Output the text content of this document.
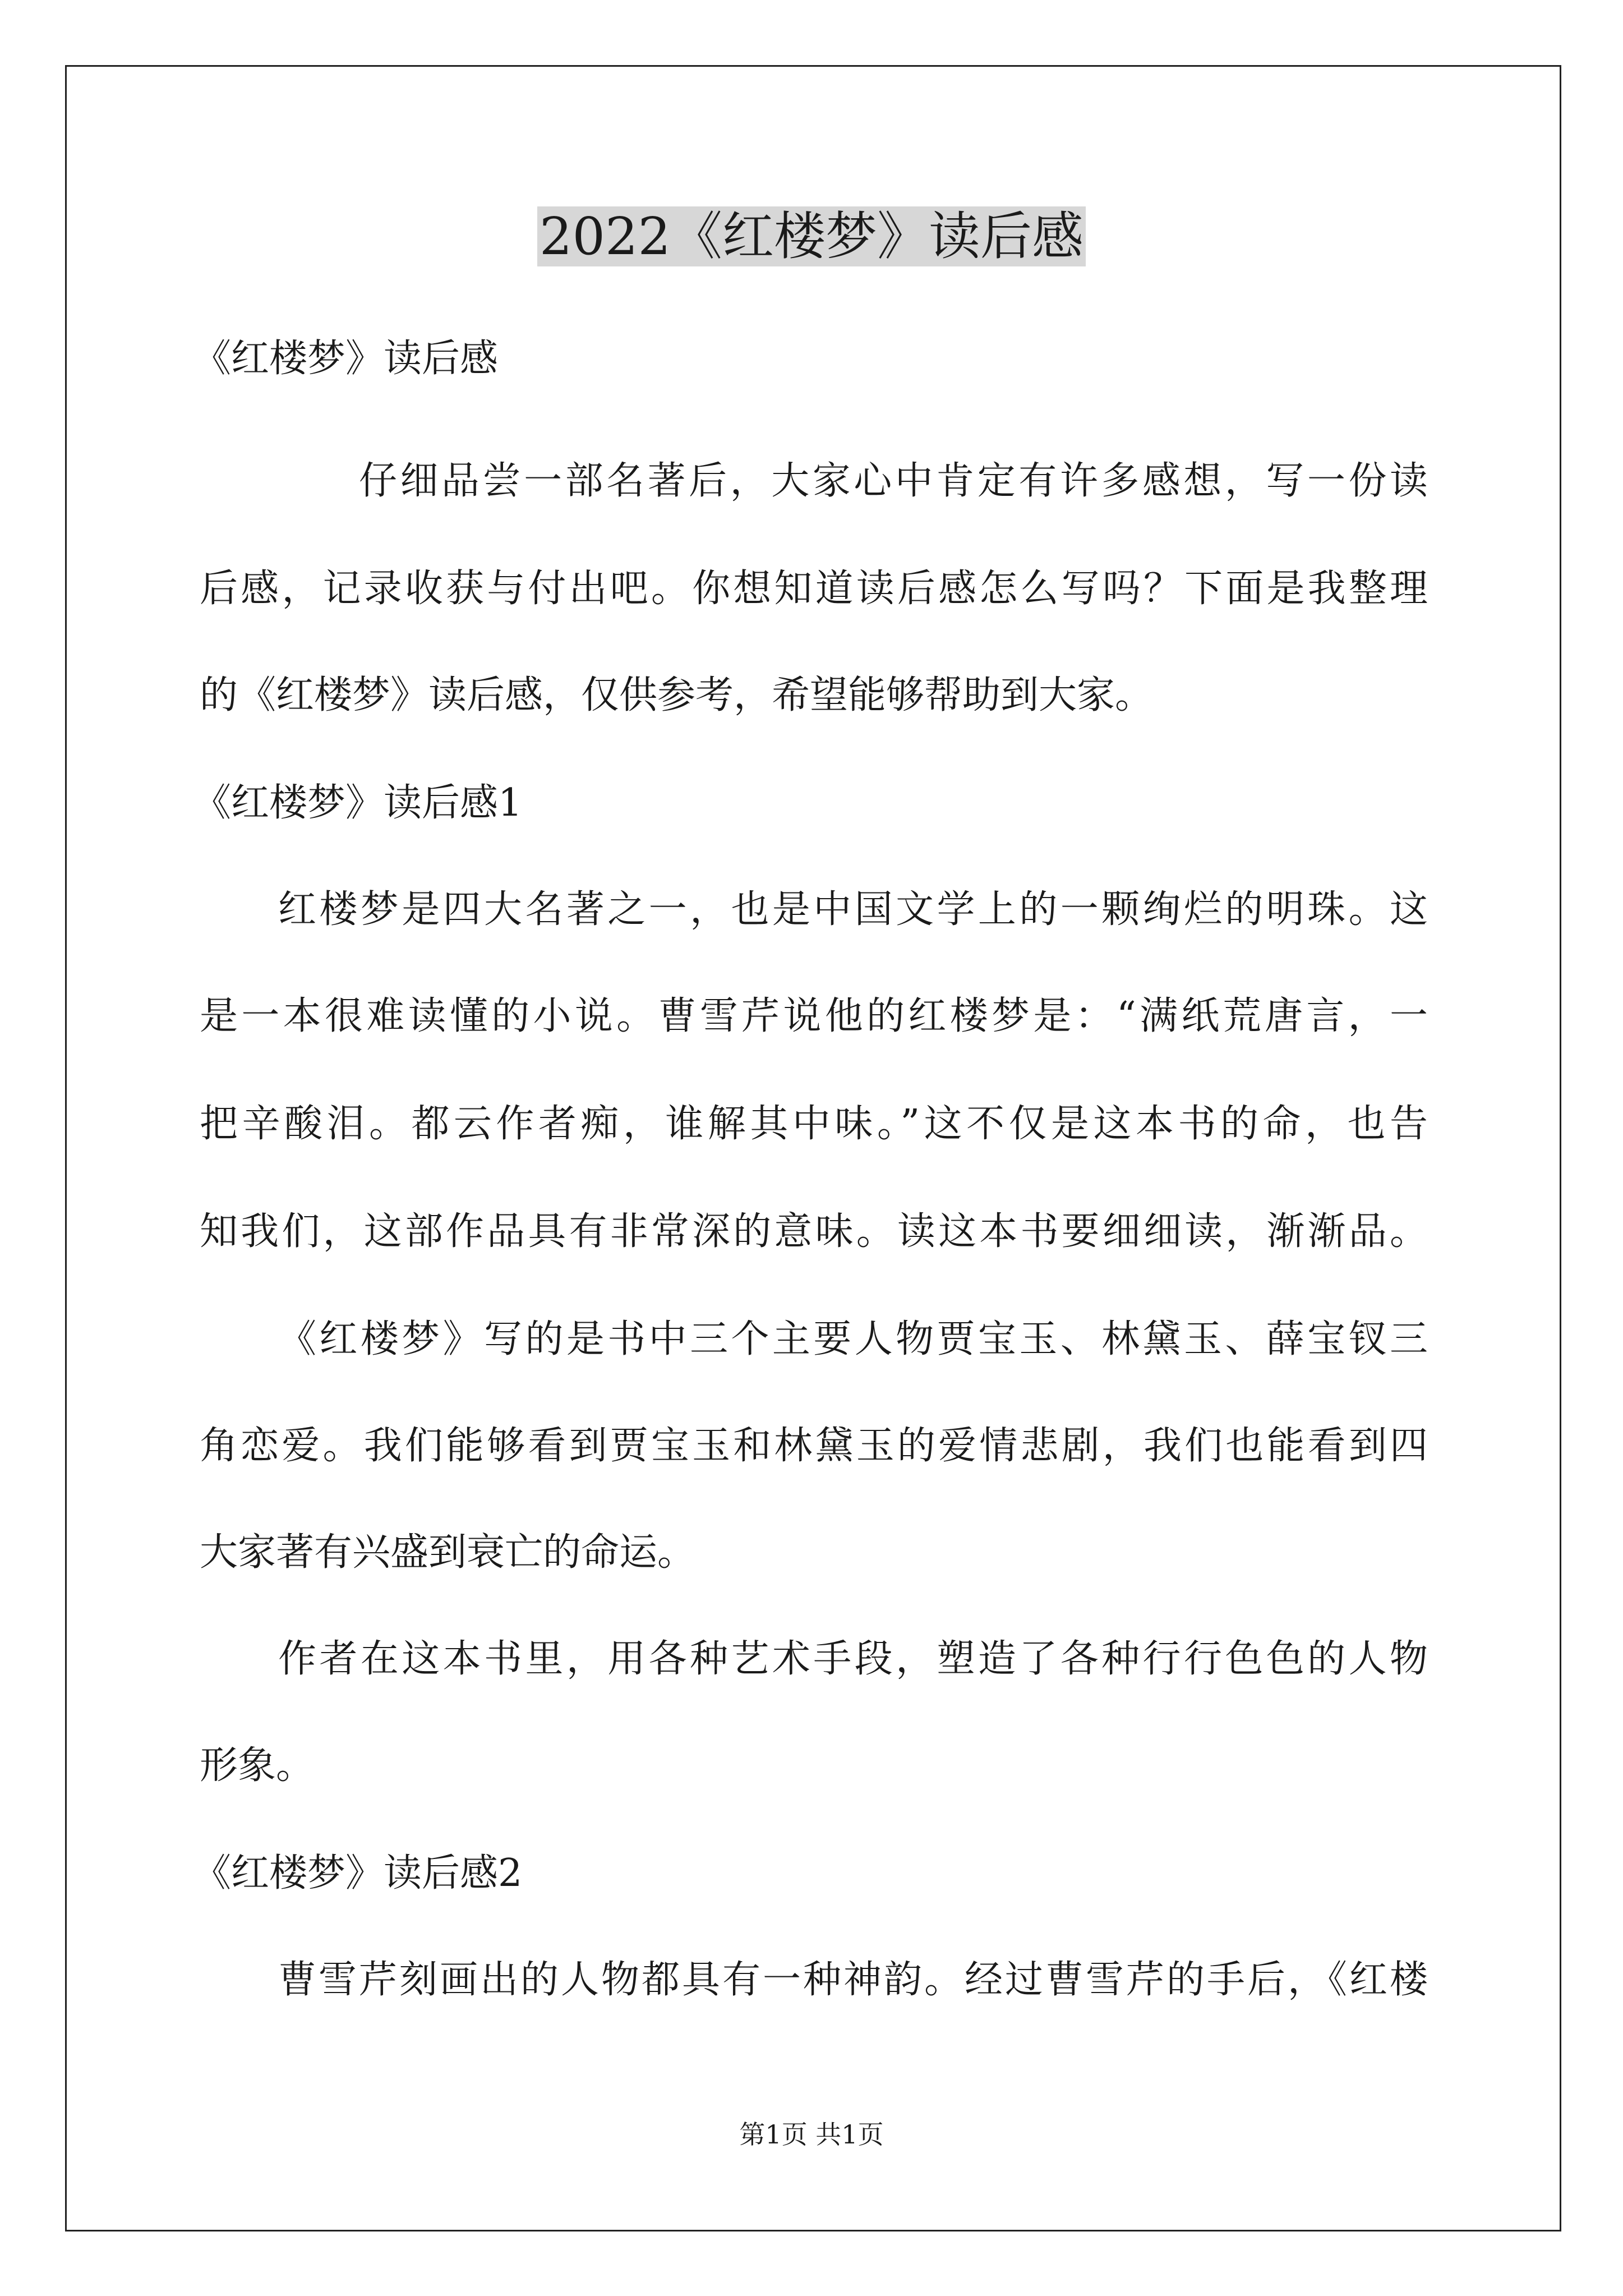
2022《红楼梦》读后感

《红楼梦》读后感

仔细品尝一部名著后，大家心中肯定有许多感想，写一份读

后感，记录收获与付出吧。你想知道读后感怎么写吗？下面是我整理

的《红楼梦》读后感，仅供参考，希望能够帮助到大家。

《红楼梦》读后感1

红楼梦是四大名著之一，也是中国文学上的一颗绚烂的明珠。这

是一本很难读懂的小说。曹雪芹说他的红楼梦是：“满纸荒唐言，一

把辛酸泪。都云作者痴，谁解其中味。”这不仅是这本书的命，也告

知我们，这部作品具有非常深的意味。读这本书要细细读，渐渐品。

《红楼梦》写的是书中三个主要人物贾宝玉、林黛玉、薛宝钗三

角恋爱。我们能够看到贾宝玉和林黛玉的爱情悲剧，我们也能看到四

大家著有兴盛到衰亡的命运。

作者在这本书里，用各种艺术手段，塑造了各种行行色色的人物

形象。

《红楼梦》读后感2

曹雪芹刻画出的人物都具有一种神韵。经过曹雪芹的手后，《红楼

第1页 共1页
